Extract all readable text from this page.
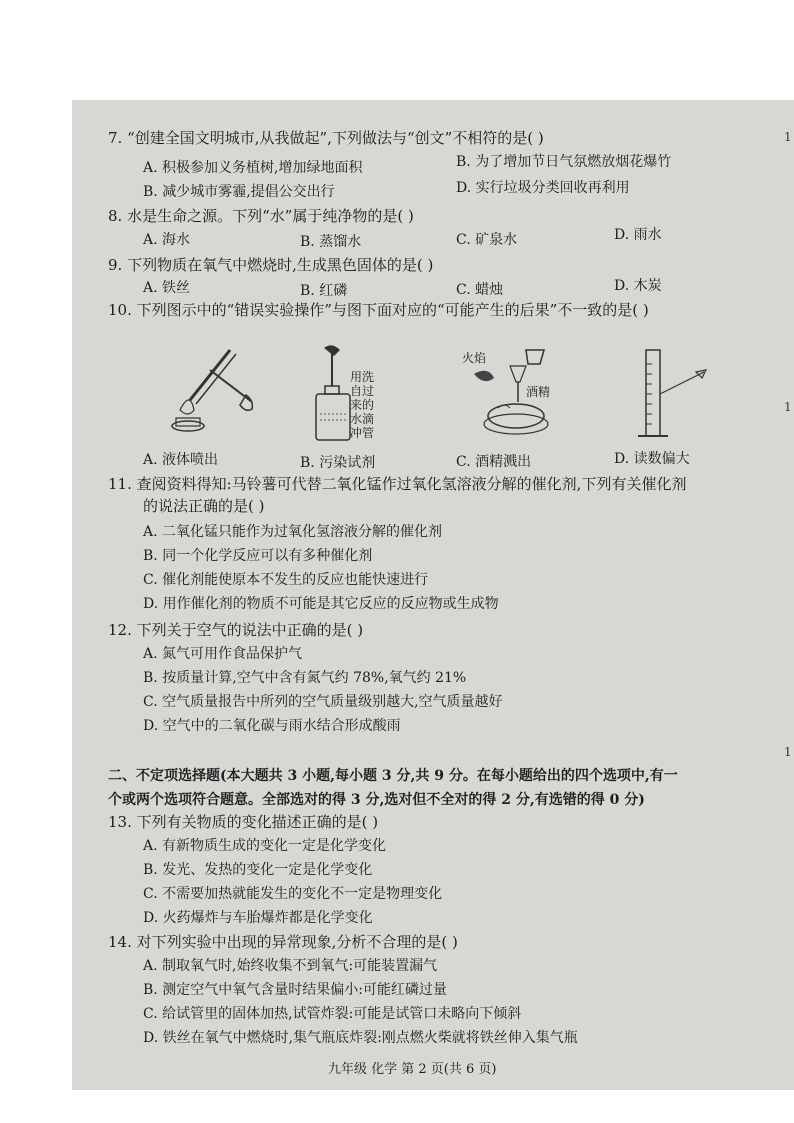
7. “创建全国文明城市,从我做起”,下列做法与“创文”不相符的是( )
A. 积极参加义务植树,增加绿地面积	B. 为了增加节日气氛燃放烟花爆竹
B. 减少城市雾霾,提倡公交出行	D. 实行垃圾分类回收再利用
8. 水是生命之源。下列“水”属于纯净物的是( )
A. 海水	B. 蒸馏水	C. 矿泉水	D. 雨水
9. 下列物质在氧气中燃烧时,生成黑色固体的是( )
A. 铁丝	B. 红磷	C. 蜡烛	D. 木炭
10. 下列图示中的“错误实验操作”与图下面对应的“可能产生的后果”不一致的是( )
用洗
自过
来的
水滴
冲管
火焰
酒精
A. 液体喷出	B. 污染试剂	C. 酒精溅出	D. 读数偏大
11. 查阅资料得知:马铃薯可代替二氧化锰作过氧化氢溶液分解的催化剂,下列有关催化剂
的说法正确的是( )
A. 二氧化锰只能作为过氧化氢溶液分解的催化剂
B. 同一个化学反应可以有多种催化剂
C. 催化剂能使原本不发生的反应也能快速进行
D. 用作催化剂的物质不可能是其它反应的反应物或生成物
12. 下列关于空气的说法中正确的是( )
A. 氮气可用作食品保护气
B. 按质量计算,空气中含有氮气约 78%,氧气约 21%
C. 空气质量报告中所列的空气质量级别越大,空气质量越好
D. 空气中的二氧化碳与雨水结合形成酸雨
二、不定项选择题(本大题共 3 小题,每小题 3 分,共 9 分。在每小题给出的四个选项中,有一
个或两个选项符合题意。全部选对的得 3 分,选对但不全对的得 2 分,有选错的得 0 分)
13. 下列有关物质的变化描述正确的是( )
A. 有新物质生成的变化一定是化学变化
B. 发光、发热的变化一定是化学变化
C. 不需要加热就能发生的变化不一定是物理变化
D. 火药爆炸与车胎爆炸都是化学变化
14. 对下列实验中出现的异常现象,分析不合理的是( )
A. 制取氧气时,始终收集不到氧气:可能装置漏气
B. 测定空气中氧气含量时结果偏小:可能红磷过量
C. 给试管里的固体加热,试管炸裂:可能是试管口未略向下倾斜
D. 铁丝在氧气中燃烧时,集气瓶底炸裂:刚点燃火柴就将铁丝伸入集气瓶
九年级 化学 第 2 页(共 6 页)
1
1
1
